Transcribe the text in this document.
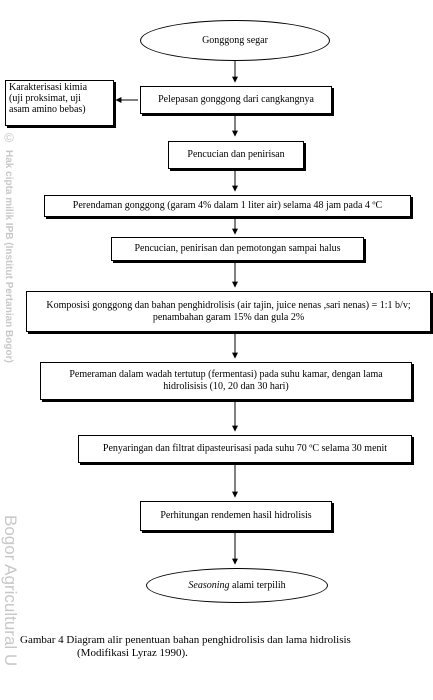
©
Hak cipta milik IPB (Institut Pertanian Bogor)
Bogor Agricultural U
Gonggong segar
Karakterisasi kimia
(uji proksimat, uji
asam amino bebas)
Pelepasan gonggong dari cangkangnya
Pencucian dan penirisan
Perendaman gonggong (garam 4% dalam 1 liter air) selama 48 jam pada 4 ºC
Pencucian, penirisan dan pemotongan sampai halus
Komposisi gonggong dan bahan penghidrolisis (air tajin, juice nenas ,sari nenas) = 1:1 b/v;
penambahan garam 15% dan gula 2%
Pemeraman dalam wadah tertutup (fermentasi) pada suhu kamar, dengan lama
hidrolisisis (10, 20 dan 30 hari)
Penyaringan dan filtrat dipasteurisasi pada suhu 70 ºC selama 30 menit
Perhitungan rendemen hasil hidrolisis
Seasoning alami terpilih
Gambar 4 Diagram alir penentuan bahan penghidrolisis dan lama hidrolisis
(Modifikasi Lyraz 1990).
